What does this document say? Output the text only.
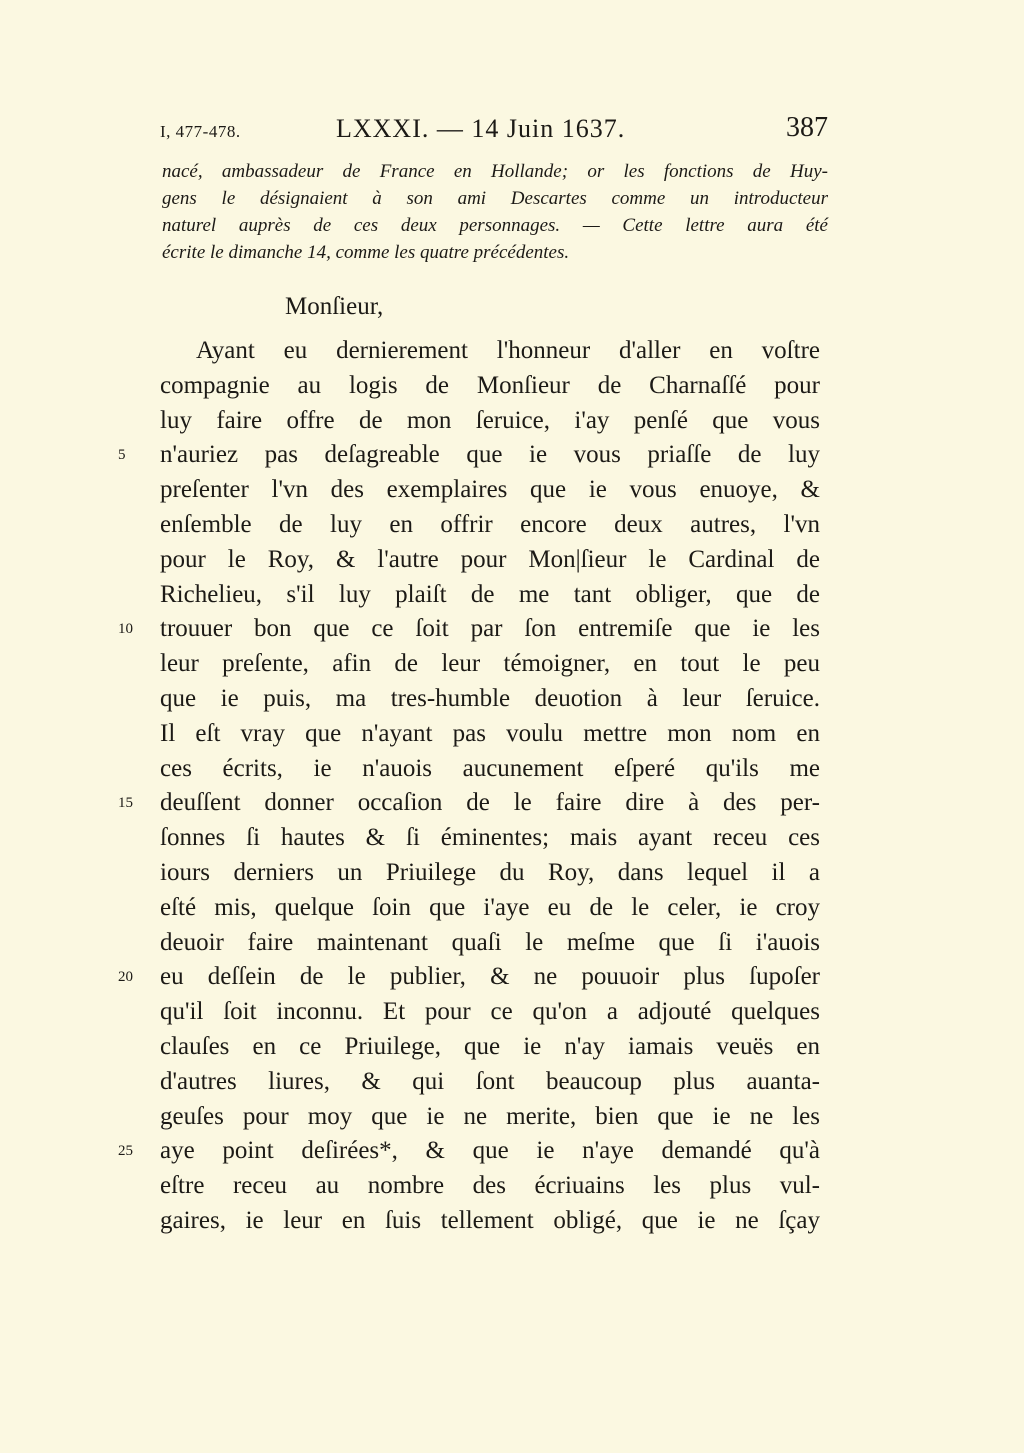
I, 477-478.	LXXXI. — 14 Juin 1637.	387
nacé, ambassadeur de France en Hollande; or les fonctions de Huy-
gens le désignaient à son ami Descartes comme un introducteur
naturel auprès de ces deux personnages. — Cette lettre aura été
écrite le dimanche 14, comme les quatre précédentes.
Monſieur,
Ayant eu dernierement l'honneur d'aller en voſtre
compagnie au logis de Monſieur de Charnaſſé pour
luy faire offre de mon ſeruice, i'ay penſé que vous
5	n'auriez pas deſagreable que ie vous priaſſe de luy
preſenter l'vn des exemplaires que ie vous enuoye, &
enſemble de luy en offrir encore deux autres, l'vn
pour le Roy, & l'autre pour Mon|ſieur le Cardinal de
Richelieu, s'il luy plaiſt de me tant obliger, que de
10	trouuer bon que ce ſoit par ſon entremiſe que ie les
leur preſente, afin de leur témoigner, en tout le peu
que ie puis, ma tres-humble deuotion à leur ſeruice.
Il eſt vray que n'ayant pas voulu mettre mon nom en
ces écrits, ie n'auois aucunement eſperé qu'ils me
15	deuſſent donner occaſion de le faire dire à des per-
ſonnes ſi hautes & ſi éminentes; mais ayant receu ces
iours derniers un Priuilege du Roy, dans lequel il a
eſté mis, quelque ſoin que i'aye eu de le celer, ie croy
deuoir faire maintenant quaſi le meſme que ſi i'auois
20	eu deſſein de le publier, & ne pouuoir plus ſupoſer
qu'il ſoit inconnu. Et pour ce qu'on a adjouté quelques
clauſes en ce Priuilege, que ie n'ay iamais veuës en
d'autres liures, & qui ſont beaucoup plus auanta-
geuſes pour moy que ie ne merite, bien que ie ne les
25	aye point deſirées*, & que ie n'aye demandé qu'à
eſtre receu au nombre des écriuains les plus vul-
gaires, ie leur en ſuis tellement obligé, que ie ne ſçay
